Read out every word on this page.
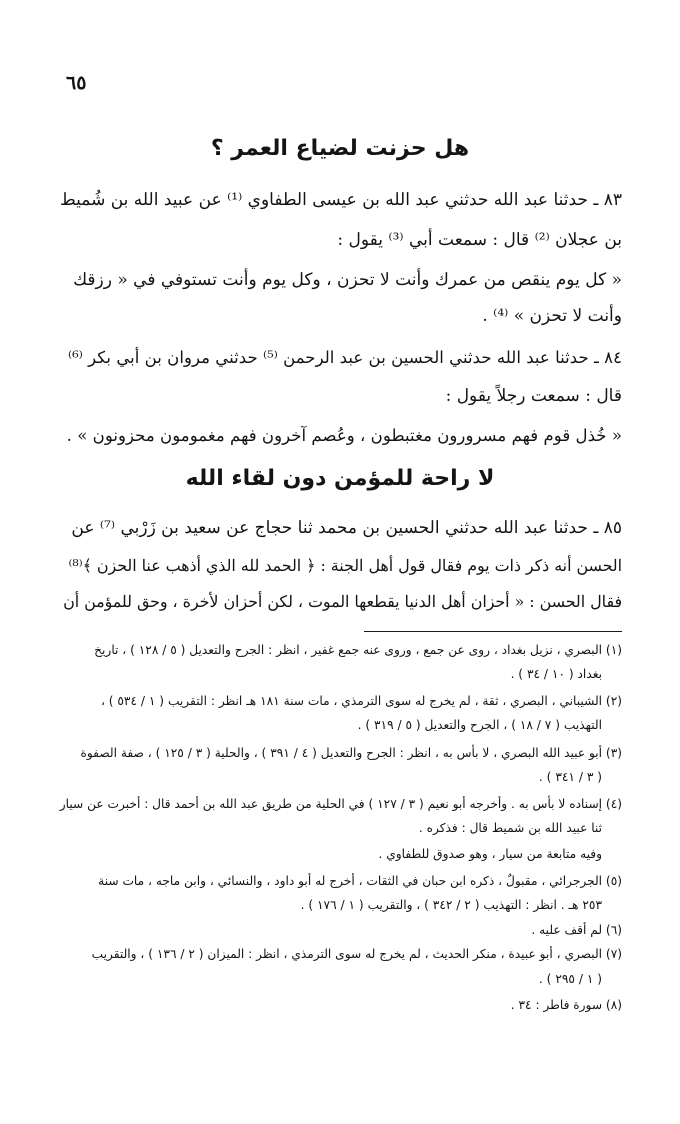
٦٥
هل حزنت لضياع العمر ؟
٨٣ ـ حدثنا عبد الله حدثني عبد الله بن عيسى الطفاوي ⁽¹⁾ عن عبيد الله بن شُميط
بن عجلان ⁽²⁾ قال : سمعت أبي ⁽³⁾ يقول :
« كل يوم ينقص من عمرك وأنت لا تحزن ، وكل يوم وأنت تستوفي في « رزقك
وأنت لا تحزن » ⁽⁴⁾ .
٨٤ ـ حدثنا عبد الله حدثني الحسين بن عبد الرحمن ⁽⁵⁾ حدثني مروان بن أبي بكر ⁽⁶⁾
قال : سمعت رجلاً يقول :
« خُذل قوم فهم مسرورون مغتبطون ، وعُصم آخرون فهم مغمومون محزونون » .
لا راحة للمؤمن دون لقاء الله
٨٥ ـ حدثنا عبد الله حدثني الحسين بن محمد ثنا حجاج عن سعيد بن زَرْبي ⁽⁷⁾ عن
الحسن أنه ذكر ذات يوم فقال قول أهل الجنة : ﴿ الحمد لله الذي أذهب عنا الحزن ﴾⁽⁸⁾
فقال الحسن : « أحزان أهل الدنيا يقطعها الموت ، لكن أحزان لأخرة ، وحق للمؤمن أن
(١) البصري ، نزيل بغداد ، روى عن جمع ، وروى عنه جمع غفير ، انظر : الجرح والتعديل ( ٥ / ١٢٨ ) ، تاريخ
بغداد ( ١٠ / ٣٤ ) .
(٢) الشيباني ، البصري ، ثقة ، لم يخرج له سوى الترمذي ، مات سنة ١٨١ هـ انظر : التقريب ( ١ / ٥٣٤ ) ،
التهذيب ( ٧ / ١٨ ) ، الجرح والتعديل ( ٥ / ٣١٩ ) .
(٣) أبو عبيد الله البصري ، لا بأس به ، انظر : الجرح والتعديل ( ٤ / ٣٩١ ) ، والحلية ( ٣ / ١٢٥ ) ، صفة الصفوة
( ٣ / ٣٤١ ) .
(٤) إسناده لا بأس به . وأخرجه أبو نعيم ( ٣ / ١٢٧ ) في الحلية من طريق عبد الله بن أحمد قال : أخبرت عن سيار
ثنا عبيد الله بن شميط قال : فذكره .
وفيه متابعة من سيار ، وهو صدوق للطفاوي .
(٥) الجرجرائي ، مقبولٌ ، ذكره ابن حبان في الثقات ، أخرج له أبو داود ، والنسائي ، وابن ماجه ، مات سنة
٢٥٣ هـ . انظر : التهذيب ( ٢ / ٣٤٢ ) ، والتقريب ( ١ / ١٧٦ ) .
(٦) لم أقف عليه .
(٧) البصري ، أبو عبيدة ، منكر الحديث ، لم يخرج له سوى الترمذي ، انظر : الميزان ( ٢ / ١٣٦ ) ، والتقريب
( ١ / ٢٩٥ ) .
(٨) سورة فاطر : ٣٤ .
